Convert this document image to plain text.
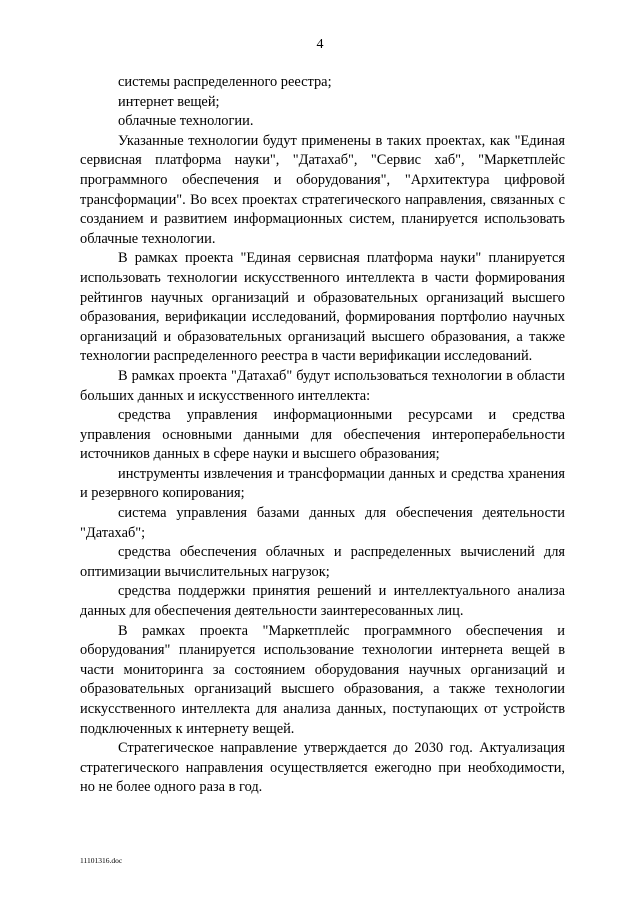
4

системы распределенного реестра;

интернет вещей;

облачные технологии.

Указанные технологии будут применены в таких проектах, как "Единая сервисная платформа науки", "Датахаб", "Сервис хаб", "Маркетплейс программного обеспечения и оборудования", "Архитектура цифровой трансформации". Во всех проектах стратегического направления, связанных с созданием и развитием информационных систем, планируется использовать облачные технологии.

В рамках проекта "Единая сервисная платформа науки" планируется использовать технологии искусственного интеллекта в части формирования рейтингов научных организаций и образовательных организаций высшего образования, верификации исследований, формирования портфолио научных организаций и образовательных организаций высшего образования, а также технологии распределенного реестра в части верификации исследований.

В рамках проекта "Датахаб" будут использоваться технологии в области больших данных и искусственного интеллекта:

средства управления информационными ресурсами и средства управления основными данными для обеспечения интероперабельности источников данных в сфере науки и высшего образования;

инструменты извлечения и трансформации данных и средства хранения и резервного копирования;

система управления базами данных для обеспечения деятельности "Датахаб";

средства обеспечения облачных и распределенных вычислений для оптимизации вычислительных нагрузок;

средства поддержки принятия решений и интеллектуального анализа данных для обеспечения деятельности заинтересованных лиц.

В рамках проекта "Маркетплейс программного обеспечения и оборудования" планируется использование технологии интернета вещей в части мониторинга за состоянием оборудования научных организаций и образовательных организаций высшего образования, а также технологии искусственного интеллекта для анализа данных, поступающих от устройств подключенных к интернету вещей.

Стратегическое направление утверждается до 2030 год. Актуализация стратегического направления осуществляется ежегодно при необходимости, но не более одного раза в год.

11101316.doc
